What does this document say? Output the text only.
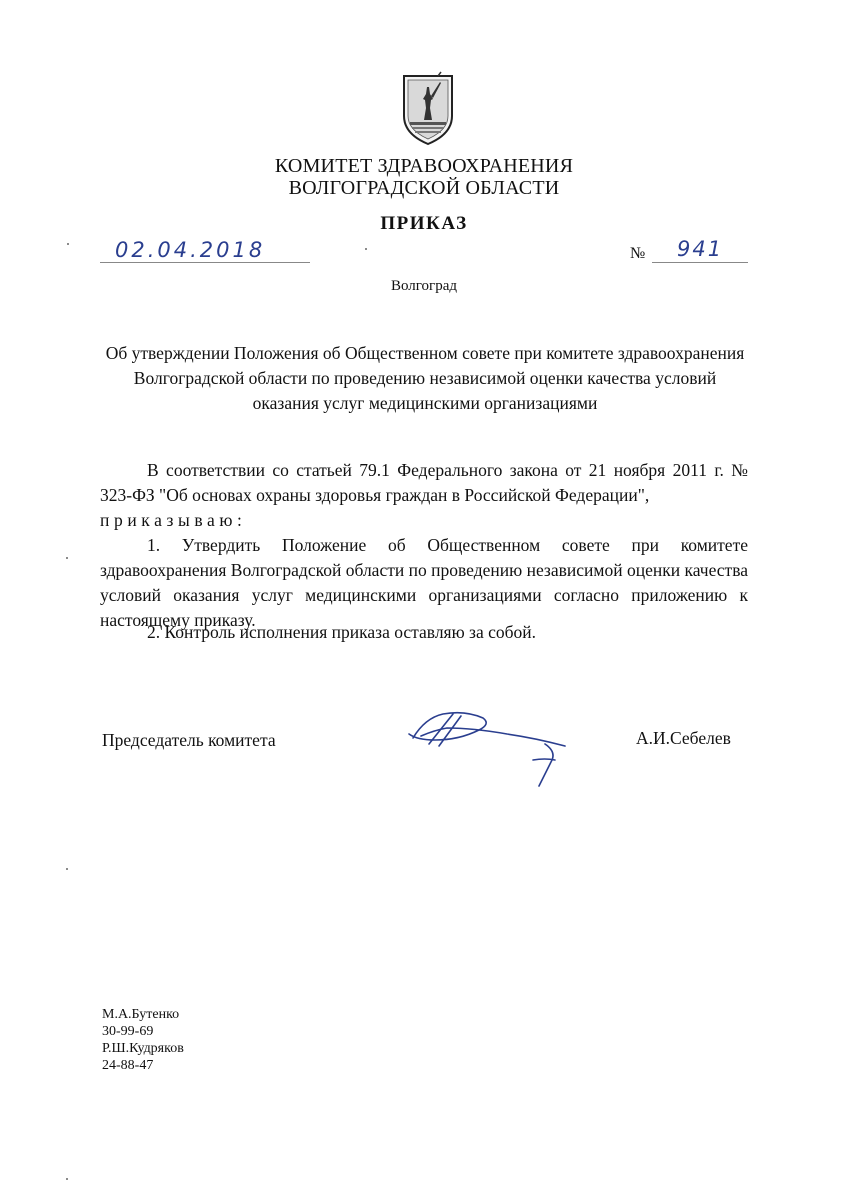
КОМИТЕТ ЗДРАВООХРАНЕНИЯ
ВОЛГОГРАДСКОЙ ОБЛАСТИ
ПРИКАЗ
02.04.2018	№ 941
Волгоград
Об утверждении Положения об Общественном совете при комитете здравоохранения Волгоградской области по проведению независимой оценки качества условий оказания услуг медицинскими организациями
В соответствии со статьей 79.1 Федерального закона от 21 ноября 2011 г. № 323-ФЗ "Об основах охраны здоровья граждан в Российской Федерации",
приказываю:
1. Утвердить Положение об Общественном совете при комитете здравоохранения Волгоградской области по проведению независимой оценки качества условий оказания услуг медицинскими организациями согласно приложению к настоящему приказу.
2. Контроль исполнения приказа оставляю за собой.
Председатель комитета	А.И.Себелев
М.А.Бутенко
30-99-69
Р.Ш.Кудряков
24-88-47
